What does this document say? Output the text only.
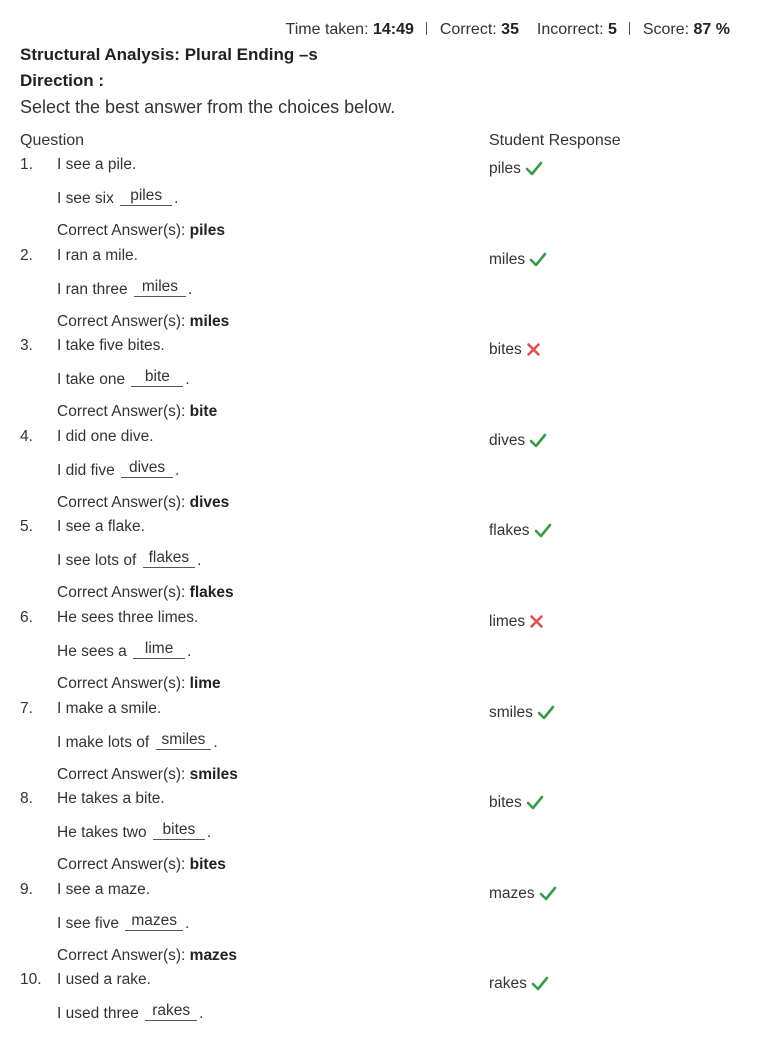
Time taken: 14:49 Correct: 35 Incorrect: 5 Score: 87 %
Structural Analysis: Plural Ending –s
Direction :
Select the best answer from the choices below.
Question	Student Response
1. I see a pile.
I see six piles .
Correct Answer(s): piles
piles
2. I ran a mile.
I ran three miles .
Correct Answer(s): miles
miles
3. I take five bites.
I take one bite .
Correct Answer(s): bite
bites
4. I did one dive.
I did five dives .
Correct Answer(s): dives
dives
5. I see a flake.
I see lots of flakes .
Correct Answer(s): flakes
flakes
6. He sees three limes.
He sees a lime .
Correct Answer(s): lime
limes
7. I make a smile.
I make lots of smiles .
Correct Answer(s): smiles
smiles
8. He takes a bite.
He takes two bites .
Correct Answer(s): bites
bites
9. I see a maze.
I see five mazes .
Correct Answer(s): mazes
mazes
10. I used a rake.
I used three rakes .
rakes
